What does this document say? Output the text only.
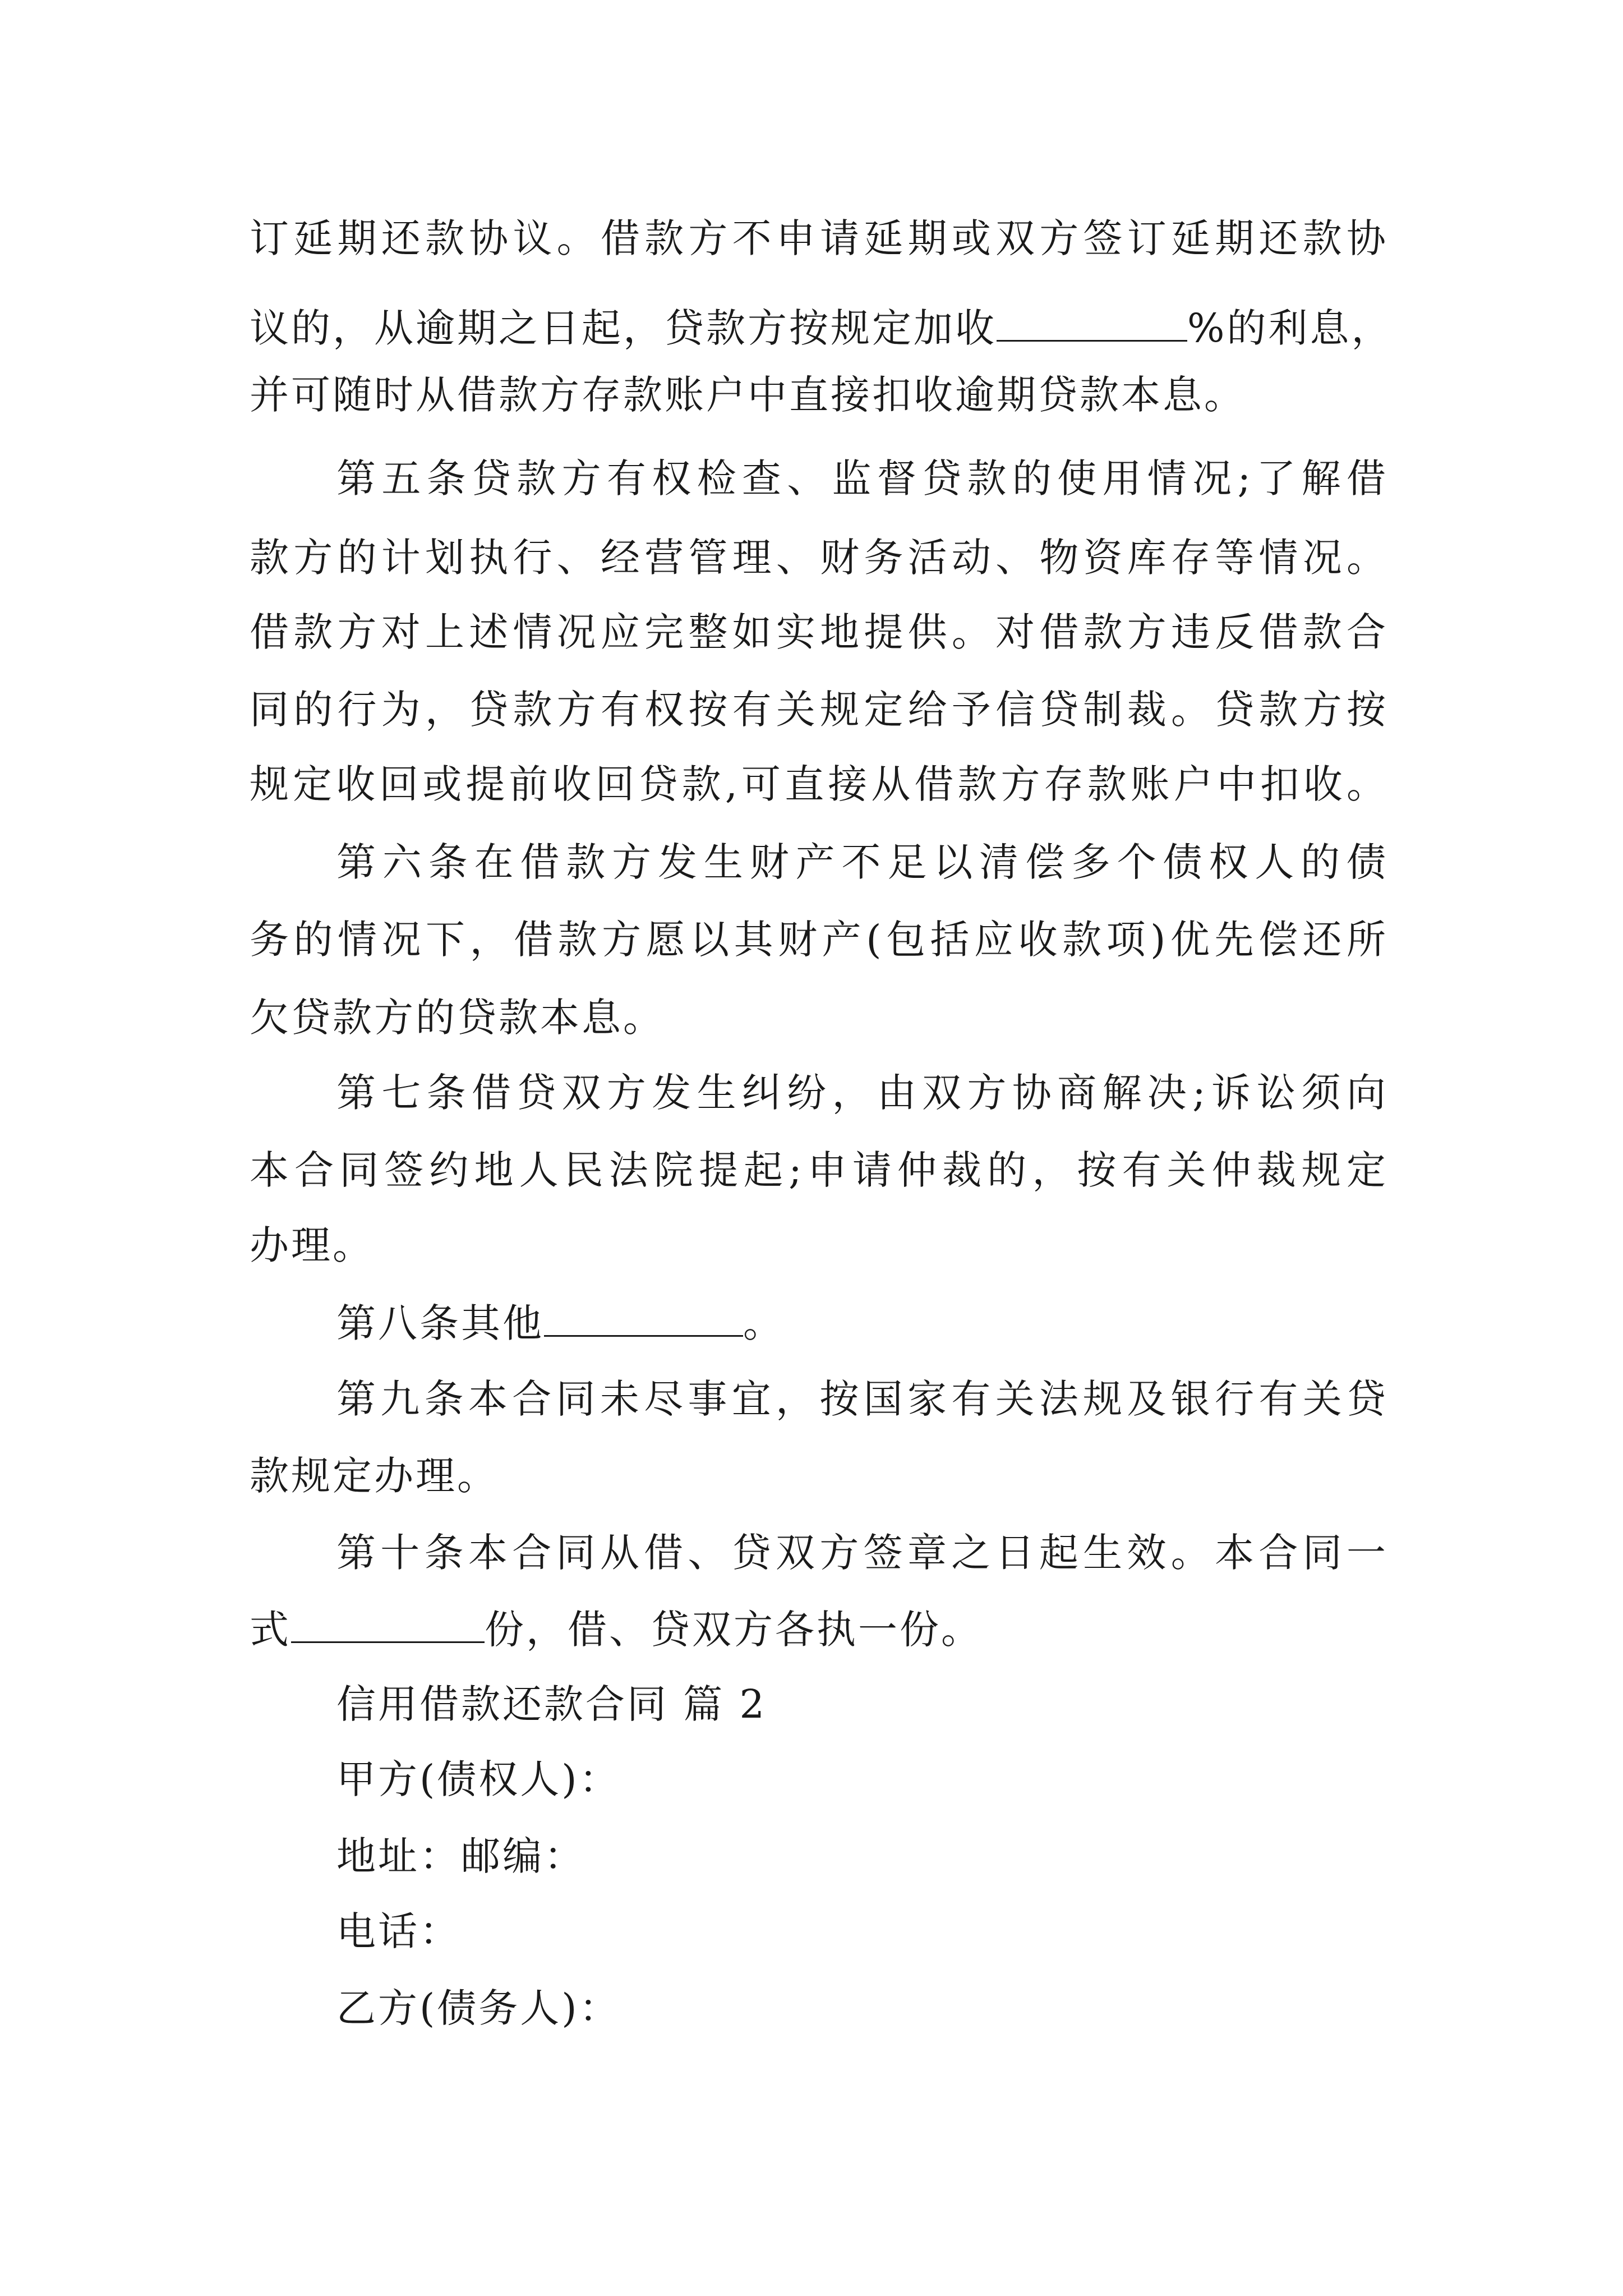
订延期还款协议。借款方不申请延期或双方签订延期还款协
议的，从逾期之日起，贷款方按规定加收	%的利息，
并可随时从借款方存款账户中直接扣收逾期贷款本息。
第五条贷款方有权检查、监督贷款的使用情况;了解借
款方的计划执行、经营管理、财务活动、物资库存等情况。
借款方对上述情况应完整如实地提供。对借款方违反借款合
同的行为，贷款方有权按有关规定给予信贷制裁。贷款方按
规定收回或提前收回贷款,可直接从借款方存款账户中扣收。
第六条在借款方发生财产不足以清偿多个债权人的债
务的情况下，借款方愿以其财产(包括应收款项)优先偿还所
欠贷款方的贷款本息。
第七条借贷双方发生纠纷，由双方协商解决;诉讼须向
本合同签约地人民法院提起;申请仲裁的，按有关仲裁规定
办理。
第八条其他	。
第九条本合同未尽事宜，按国家有关法规及银行有关贷
款规定办理。
第十条本合同从借、贷双方签章之日起生效。本合同一
式	份，借、贷双方各执一份。
信用借款还款合同 篇 2
甲方(债权人)：
地址：邮编：
电话：
乙方(债务人)：
